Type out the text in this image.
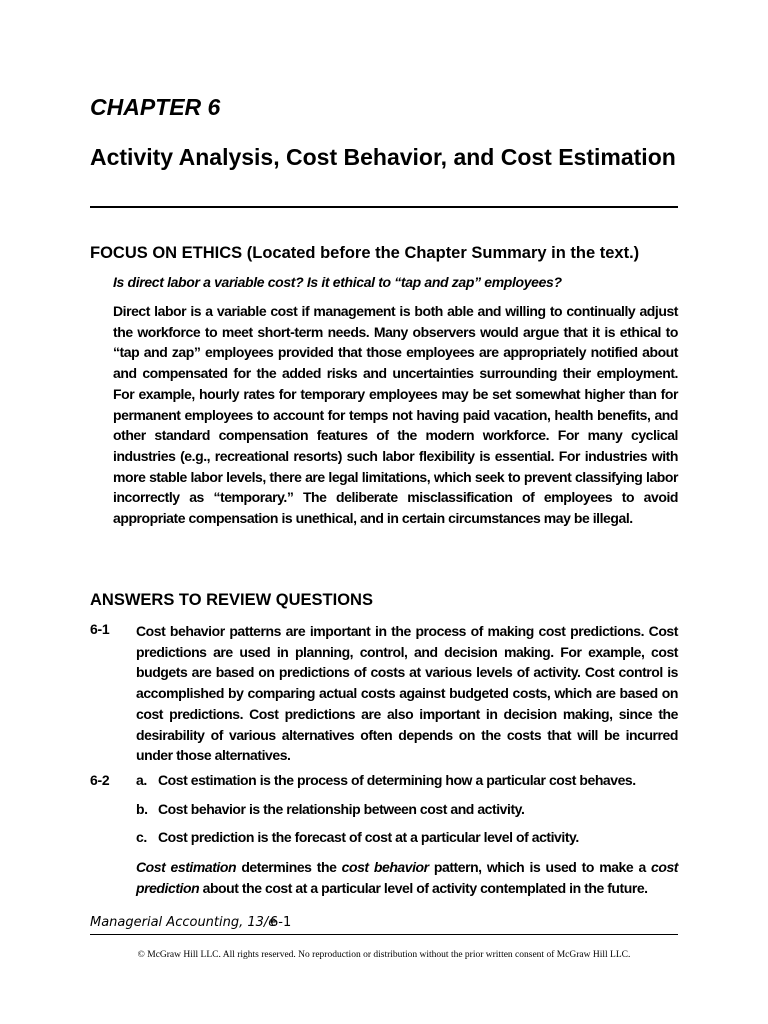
CHAPTER 6
Activity Analysis, Cost Behavior, and Cost Estimation
FOCUS ON ETHICS (Located before the Chapter Summary in the text.)
Is direct labor a variable cost? Is it ethical to “tap and zap” employees?
Direct labor is a variable cost if management is both able and willing to continually adjust the workforce to meet short-term needs. Many observers would argue that it is ethical to “tap and zap” employees provided that those employees are appropriately notified about and compensated for the added risks and uncertainties surrounding their employment. For example, hourly rates for temporary employees may be set somewhat higher than for permanent employees to account for temps not having paid vacation, health benefits, and other standard compensation features of the modern workforce. For many cyclical industries (e.g., recreational resorts) such labor flexibility is essential. For industries with more stable labor levels, there are legal limitations, which seek to prevent classifying labor incorrectly as “temporary.” The deliberate misclassification of employees to avoid appropriate compensation is unethical, and in certain circumstances may be illegal.
ANSWERS TO REVIEW QUESTIONS
6-1 Cost behavior patterns are important in the process of making cost predictions. Cost predictions are used in planning, control, and decision making. For example, cost budgets are based on predictions of costs at various levels of activity. Cost control is accomplished by comparing actual costs against budgeted costs, which are based on cost predictions. Cost predictions are also important in decision making, since the desirability of various alternatives often depends on the costs that will be incurred under those alternatives.
6-2 a. Cost estimation is the process of determining how a particular cost behaves.
b. Cost behavior is the relationship between cost and activity.
c. Cost prediction is the forecast of cost at a particular level of activity.
Cost estimation determines the cost behavior pattern, which is used to make a cost prediction about the cost at a particular level of activity contemplated in the future.
Managerial Accounting, 13/e
6-1
© McGraw Hill LLC. All rights reserved. No reproduction or distribution without the prior written consent of McGraw Hill LLC.
